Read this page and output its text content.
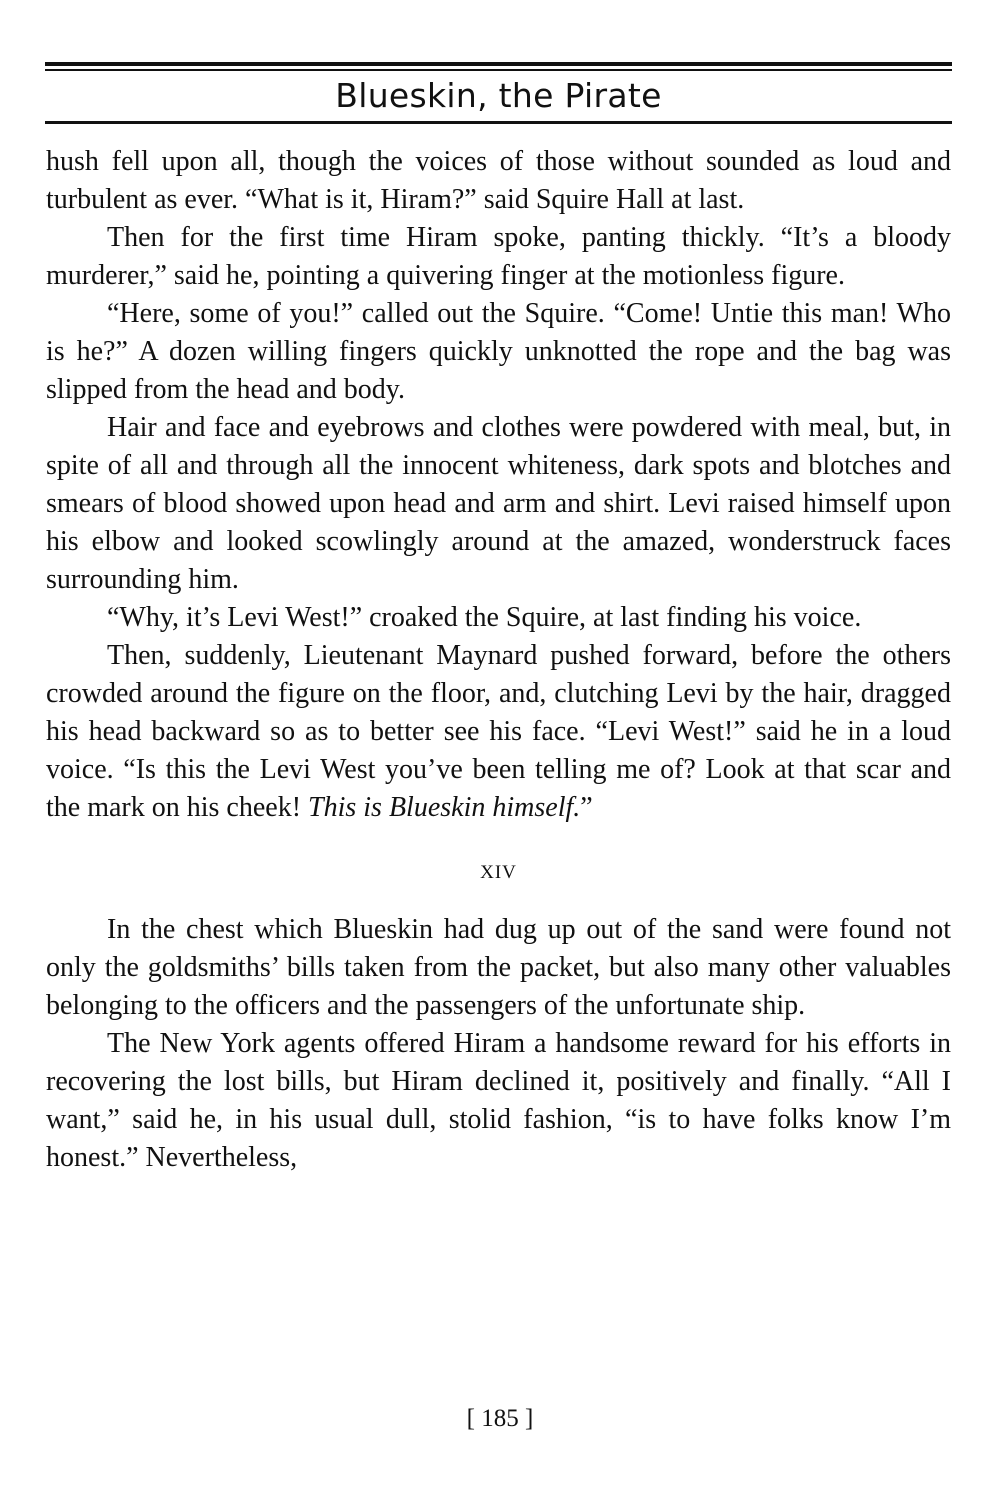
Blueskin, the Pirate

hush fell upon all, though the voices of those without sounded as loud and turbulent as ever. “What is it, Hiram?” said Squire Hall at last.

Then for the first time Hiram spoke, panting thickly. “It’s a bloody murderer,” said he, pointing a quivering finger at the motionless figure.

“Here, some of you!” called out the Squire. “Come! Untie this man! Who is he?” A dozen willing fingers quickly unknotted the rope and the bag was slipped from the head and body.

Hair and face and eyebrows and clothes were powdered with meal, but, in spite of all and through all the innocent whiteness, dark spots and blotches and smears of blood showed upon head and arm and shirt. Levi raised himself upon his elbow and looked scowlingly around at the amazed, wonderstruck faces surrounding him.

“Why, it’s Levi West!” croaked the Squire, at last finding his voice.

Then, suddenly, Lieutenant Maynard pushed forward, before the others crowded around the figure on the floor, and, clutching Levi by the hair, dragged his head backward so as to better see his face. “Levi West!” said he in a loud voice. “Is this the Levi West you’ve been telling me of? Look at that scar and the mark on his cheek! This is Blueskin himself.”

XIV

In the chest which Blueskin had dug up out of the sand were found not only the goldsmiths’ bills taken from the packet, but also many other valuables belonging to the officers and the passengers of the unfortunate ship.

The New York agents offered Hiram a handsome reward for his efforts in recovering the lost bills, but Hiram declined it, positively and finally. “All I want,” said he, in his usual dull, stolid fashion, “is to have folks know I’m honest.” Nevertheless,

[ 185 ]
